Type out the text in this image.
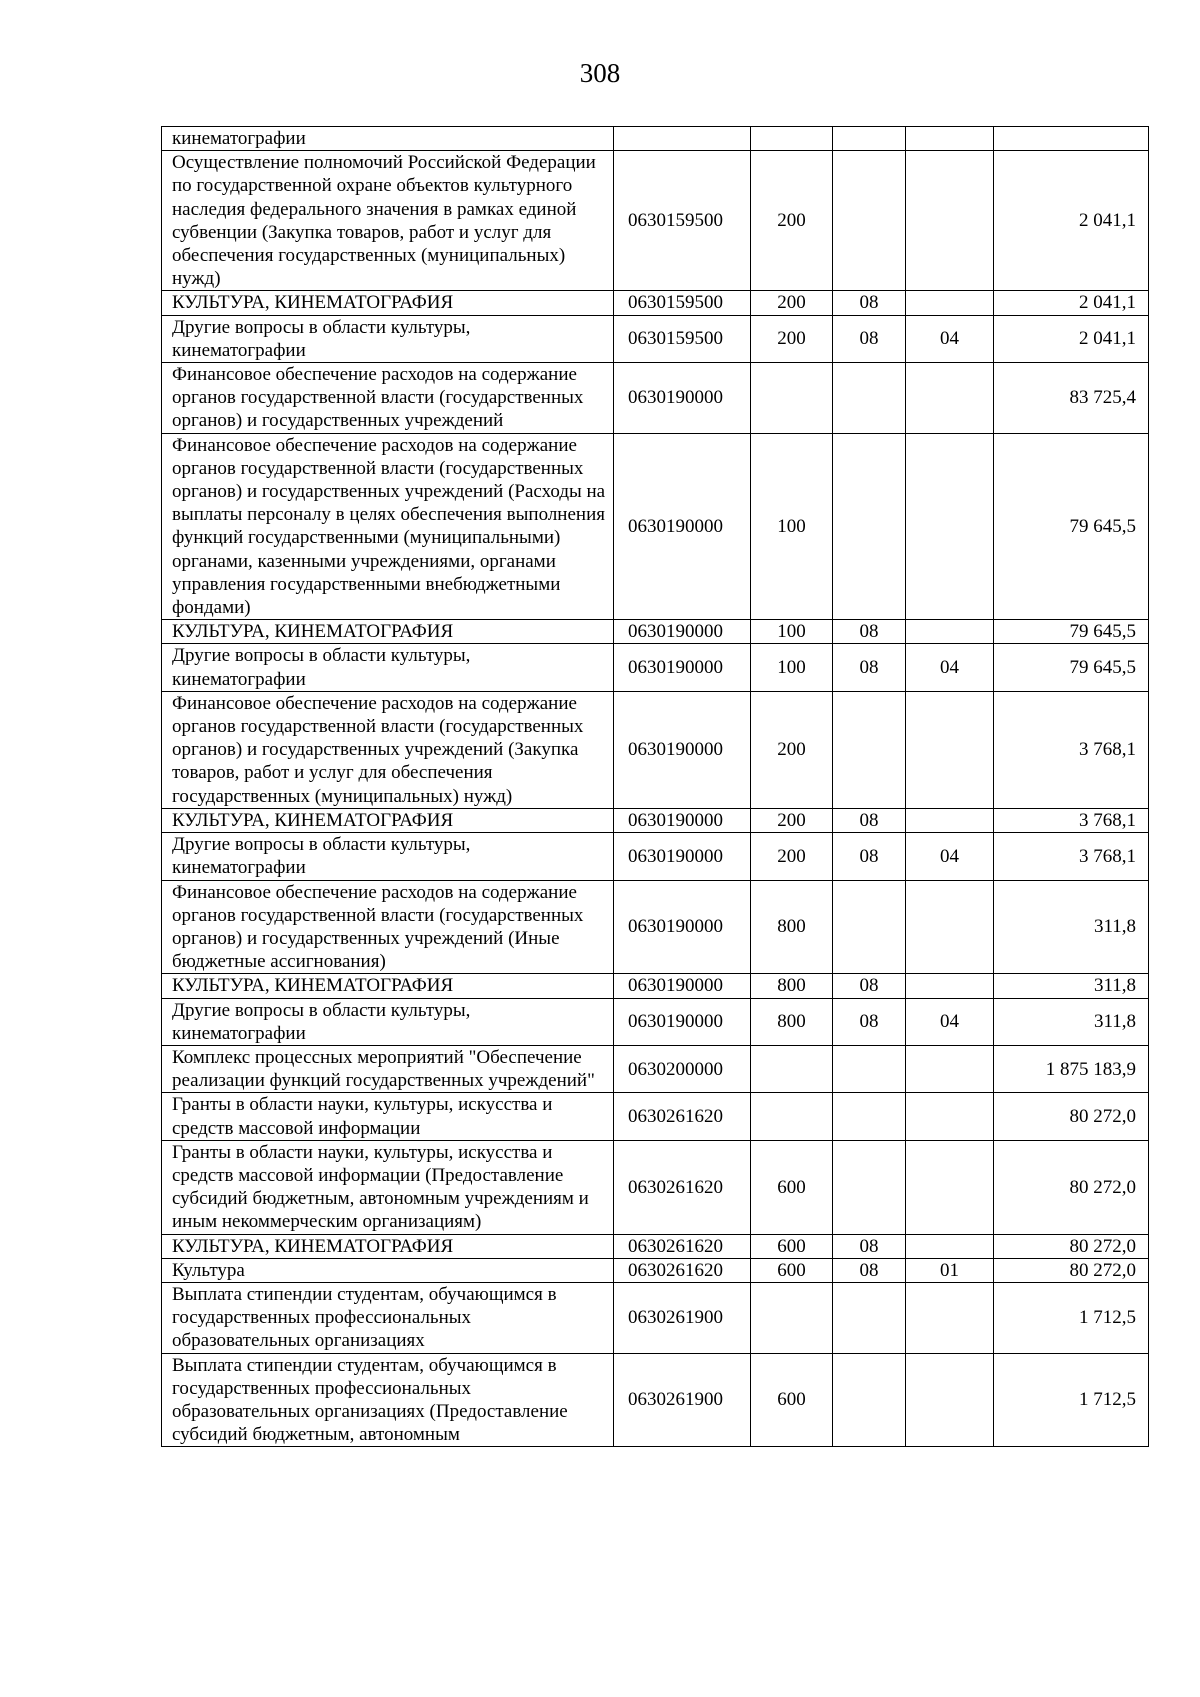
308
кинематографии					
Осуществление полномочий Российской Федерации по государственной охране объектов культурного наследия федерального значения в рамках единой субвенции (Закупка товаров, работ и услуг для обеспечения государственных (муниципальных) нужд)	0630159500	200			2 041,1
КУЛЬТУРА, КИНЕМАТОГРАФИЯ	0630159500	200	08		2 041,1
Другие вопросы в области культуры, кинематографии	0630159500	200	08	04	2 041,1
Финансовое обеспечение расходов на содержание органов государственной власти (государственных органов) и государственных учреждений	0630190000				83 725,4
Финансовое обеспечение расходов на содержание органов государственной власти (государственных органов) и государственных учреждений (Расходы на выплаты персоналу в целях обеспечения выполнения функций государственными (муниципальными) органами, казенными учреждениями, органами управления государственными внебюджетными фондами)	0630190000	100			79 645,5
КУЛЬТУРА, КИНЕМАТОГРАФИЯ	0630190000	100	08		79 645,5
Другие вопросы в области культуры, кинематографии	0630190000	100	08	04	79 645,5
Финансовое обеспечение расходов на содержание органов государственной власти (государственных органов) и государственных учреждений (Закупка товаров, работ и услуг для обеспечения государственных (муниципальных) нужд)	0630190000	200			3 768,1
КУЛЬТУРА, КИНЕМАТОГРАФИЯ	0630190000	200	08		3 768,1
Другие вопросы в области культуры, кинематографии	0630190000	200	08	04	3 768,1
Финансовое обеспечение расходов на содержание органов государственной власти (государственных органов) и государственных учреждений (Иные бюджетные ассигнования)	0630190000	800			311,8
КУЛЬТУРА, КИНЕМАТОГРАФИЯ	0630190000	800	08		311,8
Другие вопросы в области культуры, кинематографии	0630190000	800	08	04	311,8
Комплекс процессных мероприятий "Обеспечение реализации функций государственных учреждений"	0630200000				1 875 183,9
Гранты в области науки, культуры, искусства и средств массовой информации	0630261620				80 272,0
Гранты в области науки, культуры, искусства и средств массовой информации (Предоставление субсидий бюджетным, автономным учреждениям и иным некоммерческим организациям)	0630261620	600			80 272,0
КУЛЬТУРА, КИНЕМАТОГРАФИЯ	0630261620	600	08		80 272,0
Культура	0630261620	600	08	01	80 272,0
Выплата стипендии студентам, обучающимся в государственных профессиональных образовательных организациях	0630261900				1 712,5
Выплата стипендии студентам, обучающимся в государственных профессиональных образовательных организациях (Предоставление субсидий бюджетным, автономным	0630261900	600			1 712,5
